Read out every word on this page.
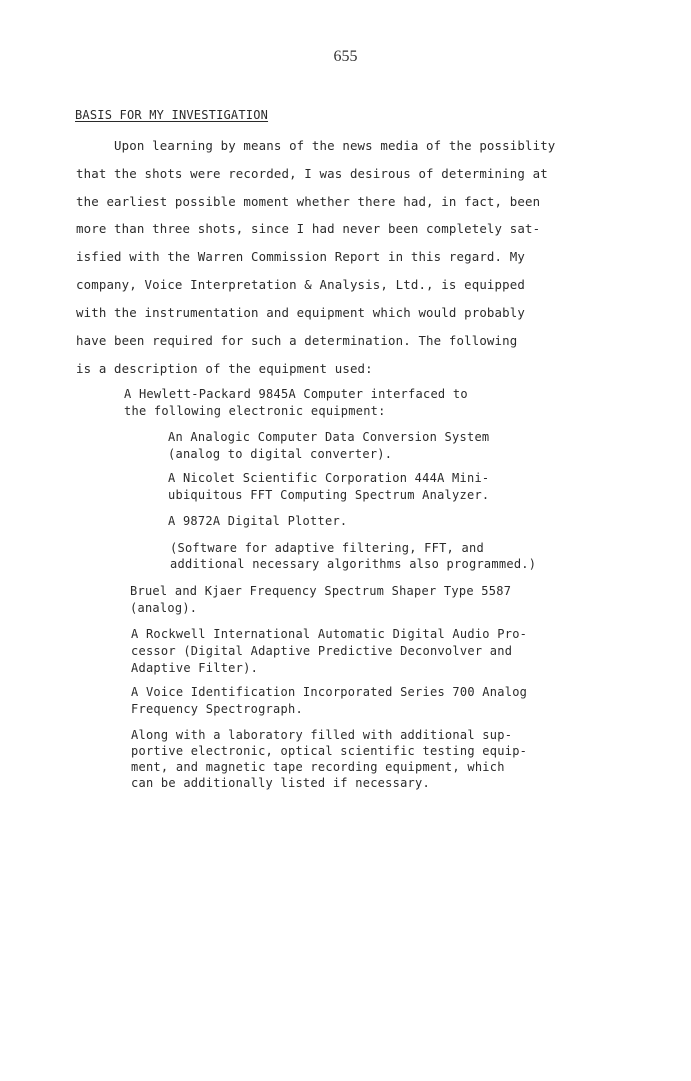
655
BASIS FOR MY INVESTIGATION
Upon learning by means of the news media of the possiblity
that the shots were recorded, I was desirous of determining at
the earliest possible moment whether there had, in fact, been
more than three shots, since I had never been completely sat-
isfied with the Warren Commission Report in this regard. My
company, Voice Interpretation & Analysis, Ltd., is equipped
with the instrumentation and equipment which would probably
have been required for such a determination. The following
is a description of the equipment used:
A Hewlett-Packard 9845A Computer interfaced to
the following electronic equipment:
An Analogic Computer Data Conversion System
(analog to digital converter).
A Nicolet Scientific Corporation 444A Mini-
ubiquitous FFT Computing Spectrum Analyzer.
A 9872A Digital Plotter.
(Software for adaptive filtering, FFT, and
additional necessary algorithms also programmed.)
Bruel and Kjaer Frequency Spectrum Shaper Type 5587
(analog).
A Rockwell International Automatic Digital Audio Pro-
cessor (Digital Adaptive Predictive Deconvolver and
Adaptive Filter).
A Voice Identification Incorporated Series 700 Analog
Frequency Spectrograph.
Along with a laboratory filled with additional sup-
portive electronic, optical scientific testing equip-
ment, and magnetic tape recording equipment, which
can be additionally listed if necessary.
